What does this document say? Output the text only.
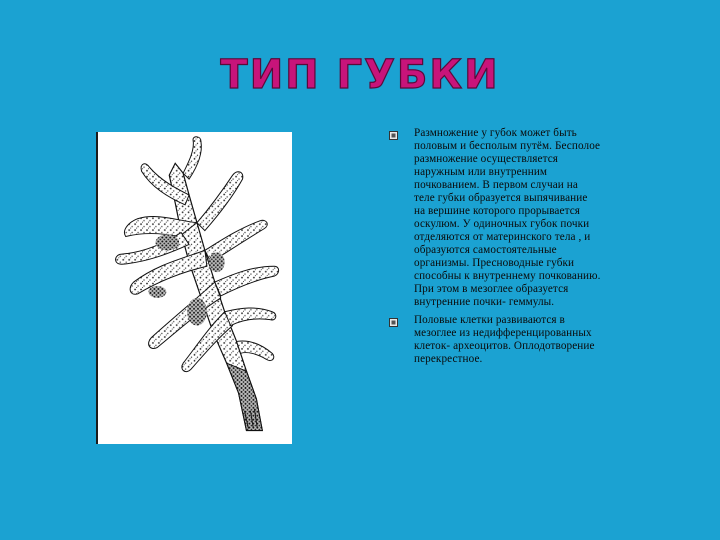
ТИП ГУБКИ
Размножение у губок может быть
половым и бесполым путём. Бесполое
размножение осуществляется
наружным или внутренним
почкованием. В первом случаи на
теле губки образуется выпячивание
на вершине которого прорывается
оскулюм. У одиночных губок почки
отделяются от материнского тела , и
образуются самостоятельные
организмы. Пресноводные губки
способны к внутреннему почкованию.
При этом в мезоглее образуется
внутренние почки- геммулы.
Половые клетки развиваются в
мезоглее из недифференцированных
клеток- археоцитов. Оплодотворение
перекрестное.
